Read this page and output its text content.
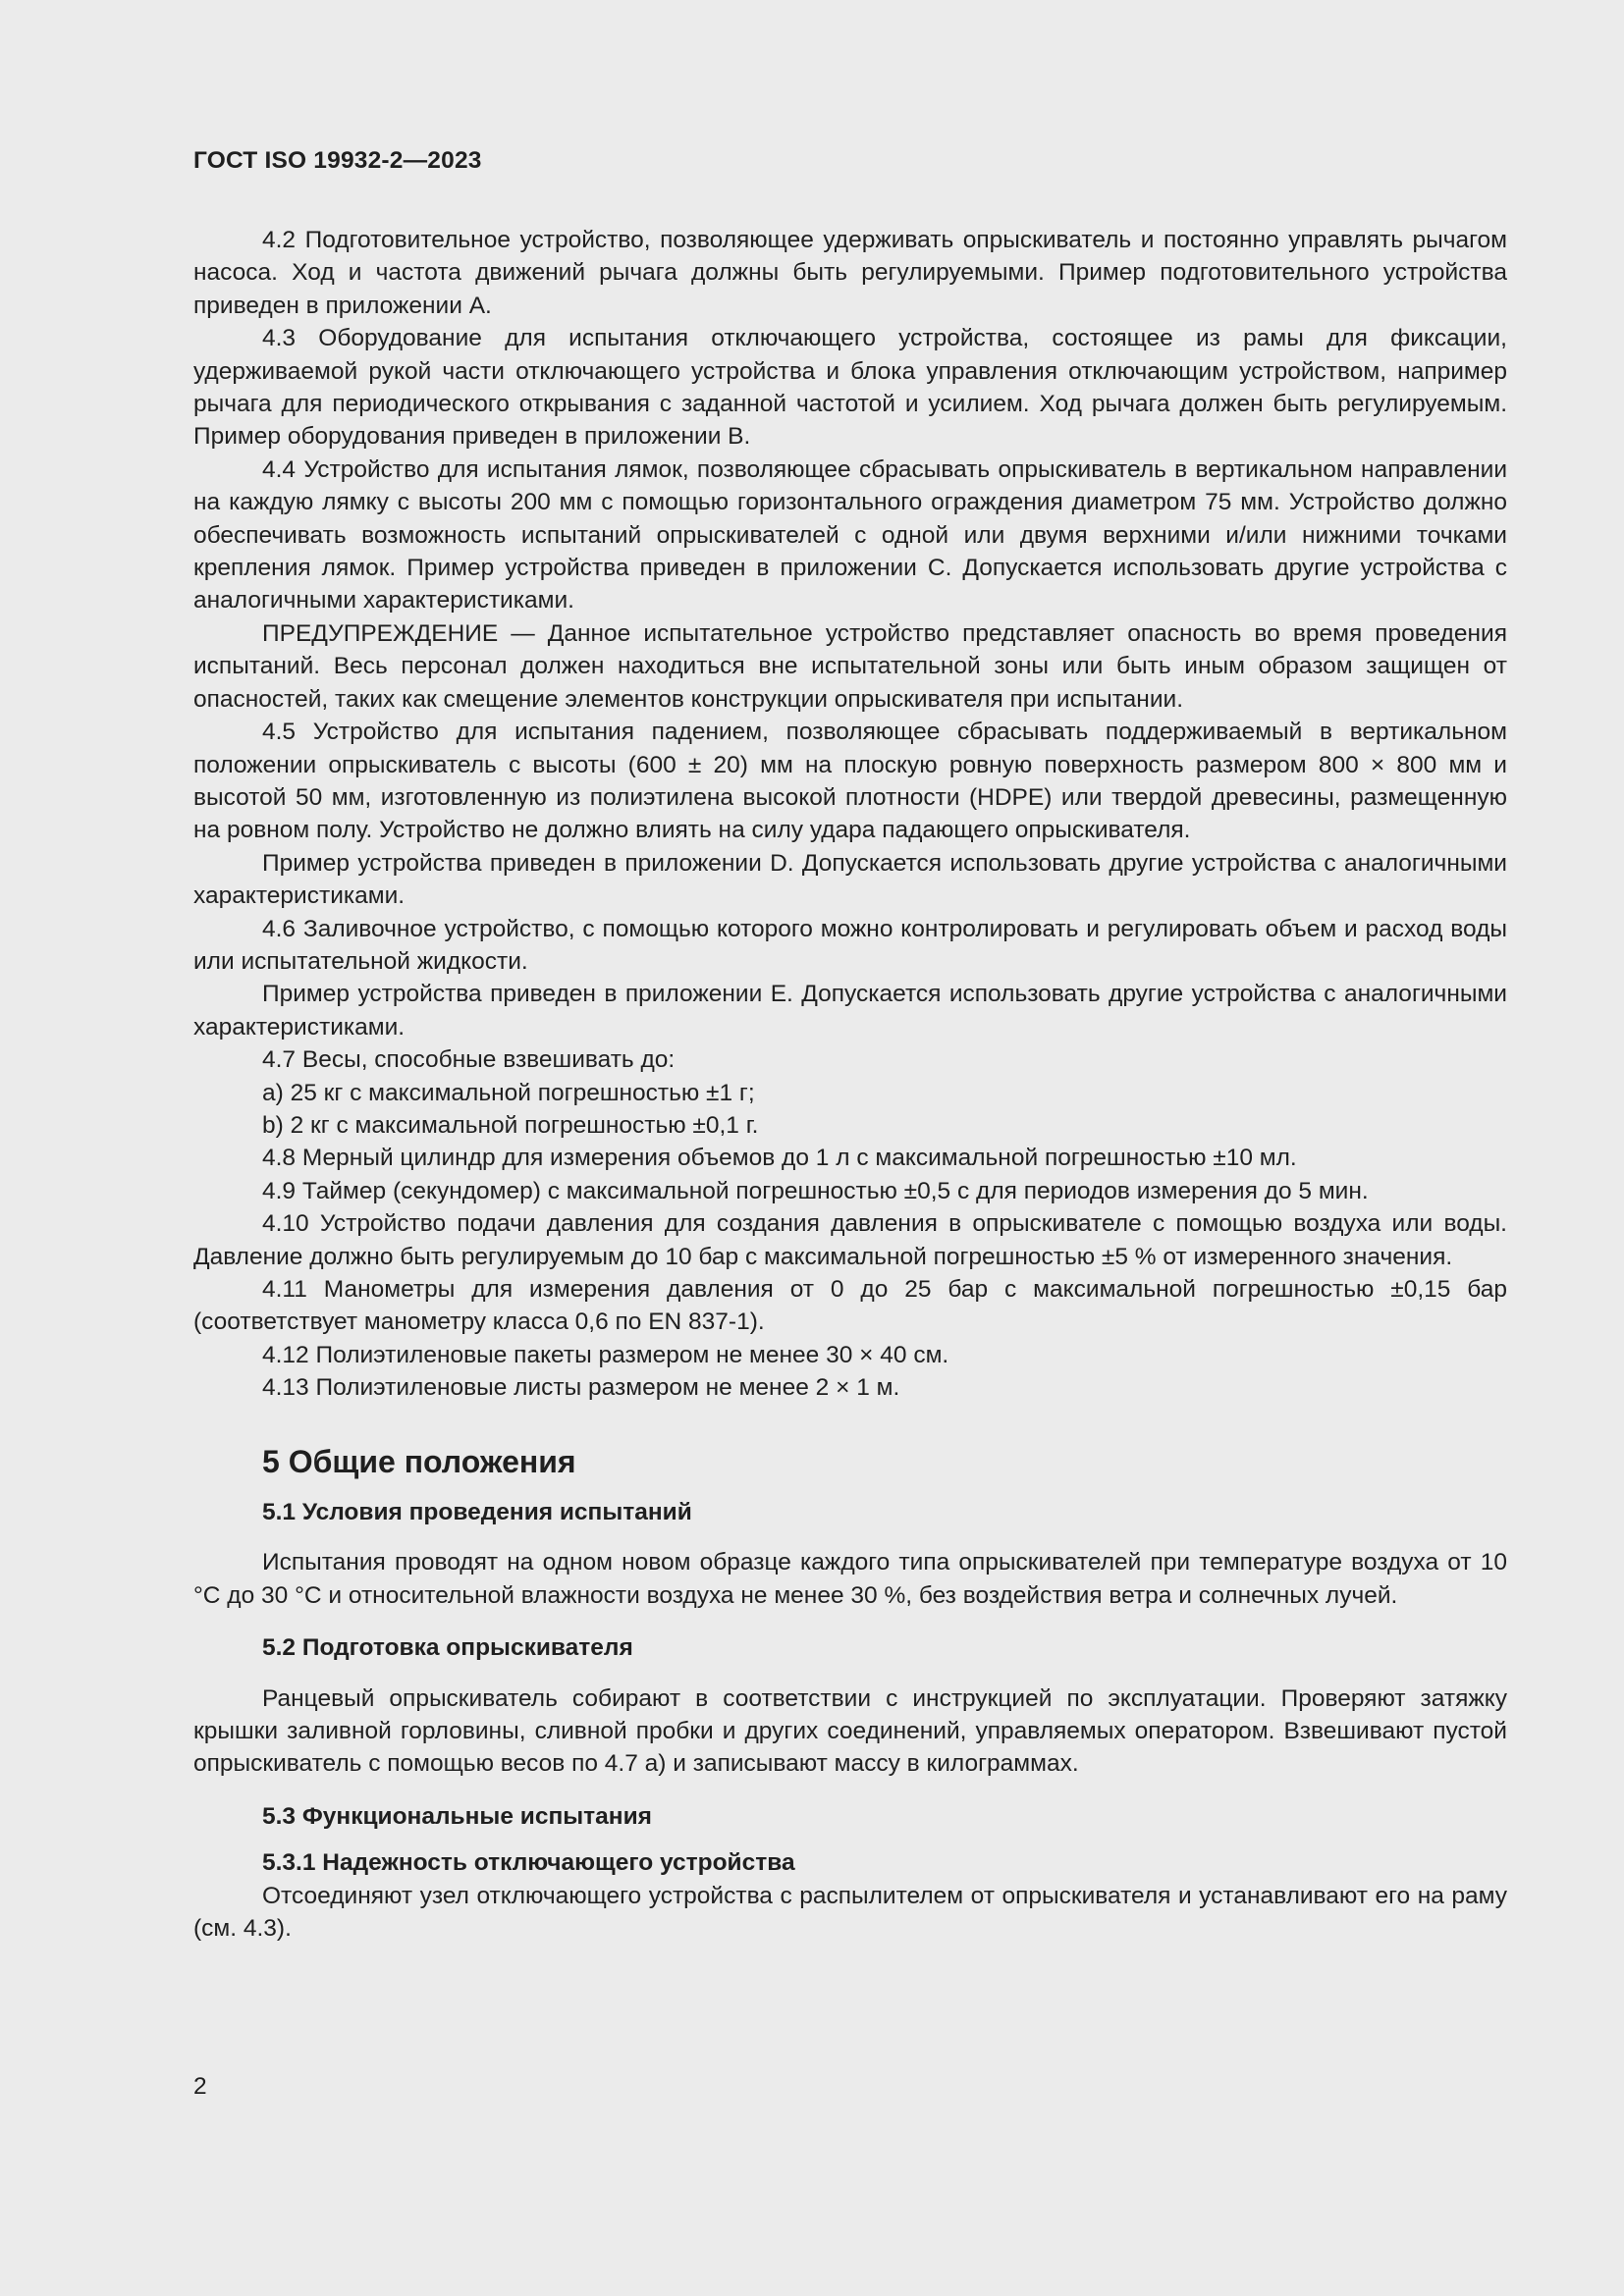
ГОСТ ISO 19932-2—2023

4.2 Подготовительное устройство, позволяющее удерживать опрыскиватель и постоянно управлять рычагом насоса. Ход и частота движений рычага должны быть регулируемыми. Пример подготовительного устройства приведен в приложении A.

4.3 Оборудование для испытания отключающего устройства, состоящее из рамы для фиксации, удерживаемой рукой части отключающего устройства и блока управления отключающим устройством, например рычага для периодического открывания с заданной частотой и усилием. Ход рычага должен быть регулируемым. Пример оборудования приведен в приложении B.

4.4 Устройство для испытания лямок, позволяющее сбрасывать опрыскиватель в вертикальном направлении на каждую лямку с высоты 200 мм с помощью горизонтального ограждения диаметром 75 мм. Устройство должно обеспечивать возможность испытаний опрыскивателей с одной или двумя верхними и/или нижними точками крепления лямок. Пример устройства приведен в приложении C. Допускается использовать другие устройства с аналогичными характеристиками.

ПРЕДУПРЕЖДЕНИЕ — Данное испытательное устройство представляет опасность во время проведения испытаний. Весь персонал должен находиться вне испытательной зоны или быть иным образом защищен от опасностей, таких как смещение элементов конструкции опрыскивателя при испытании.

4.5 Устройство для испытания падением, позволяющее сбрасывать поддерживаемый в вертикальном положении опрыскиватель с высоты (600 ± 20) мм на плоскую ровную поверхность размером 800 × 800 мм и высотой 50 мм, изготовленную из полиэтилена высокой плотности (HDPE) или твердой древесины, размещенную на ровном полу. Устройство не должно влиять на силу удара падающего опрыскивателя.

Пример устройства приведен в приложении D. Допускается использовать другие устройства с аналогичными характеристиками.

4.6 Заливочное устройство, с помощью которого можно контролировать и регулировать объем и расход воды или испытательной жидкости.

Пример устройства приведен в приложении E. Допускается использовать другие устройства с аналогичными характеристиками.

4.7 Весы, способные взвешивать до:

a) 25 кг с максимальной погрешностью ±1 г;

b) 2 кг с максимальной погрешностью ±0,1 г.

4.8 Мерный цилиндр для измерения объемов до 1 л с максимальной погрешностью ±10 мл.

4.9 Таймер (секундомер) с максимальной погрешностью ±0,5 с для периодов измерения до 5 мин.

4.10 Устройство подачи давления для создания давления в опрыскивателе с помощью воздуха или воды. Давление должно быть регулируемым до 10 бар с максимальной погрешностью ±5 % от измеренного значения.

4.11 Манометры для измерения давления от 0 до 25 бар с максимальной погрешностью ±0,15 бар (соответствует манометру класса 0,6 по EN 837-1).

4.12 Полиэтиленовые пакеты размером не менее 30 × 40 см.

4.13 Полиэтиленовые листы размером не менее 2 × 1 м.

5 Общие положения
5.1 Условия проведения испытаний

Испытания проводят на одном новом образце каждого типа опрыскивателей при температуре воздуха от 10 °С до 30 °С и относительной влажности воздуха не менее 30 %, без воздействия ветра и солнечных лучей.

5.2 Подготовка опрыскивателя

Ранцевый опрыскиватель собирают в соответствии с инструкцией по эксплуатации. Проверяют затяжку крышки заливной горловины, сливной пробки и других соединений, управляемых оператором. Взвешивают пустой опрыскиватель с помощью весов по 4.7 a) и записывают массу в килограммах.

5.3 Функциональные испытания
5.3.1 Надежность отключающего устройства

Отсоединяют узел отключающего устройства с распылителем от опрыскивателя и устанавливают его на раму (см. 4.3).

2
